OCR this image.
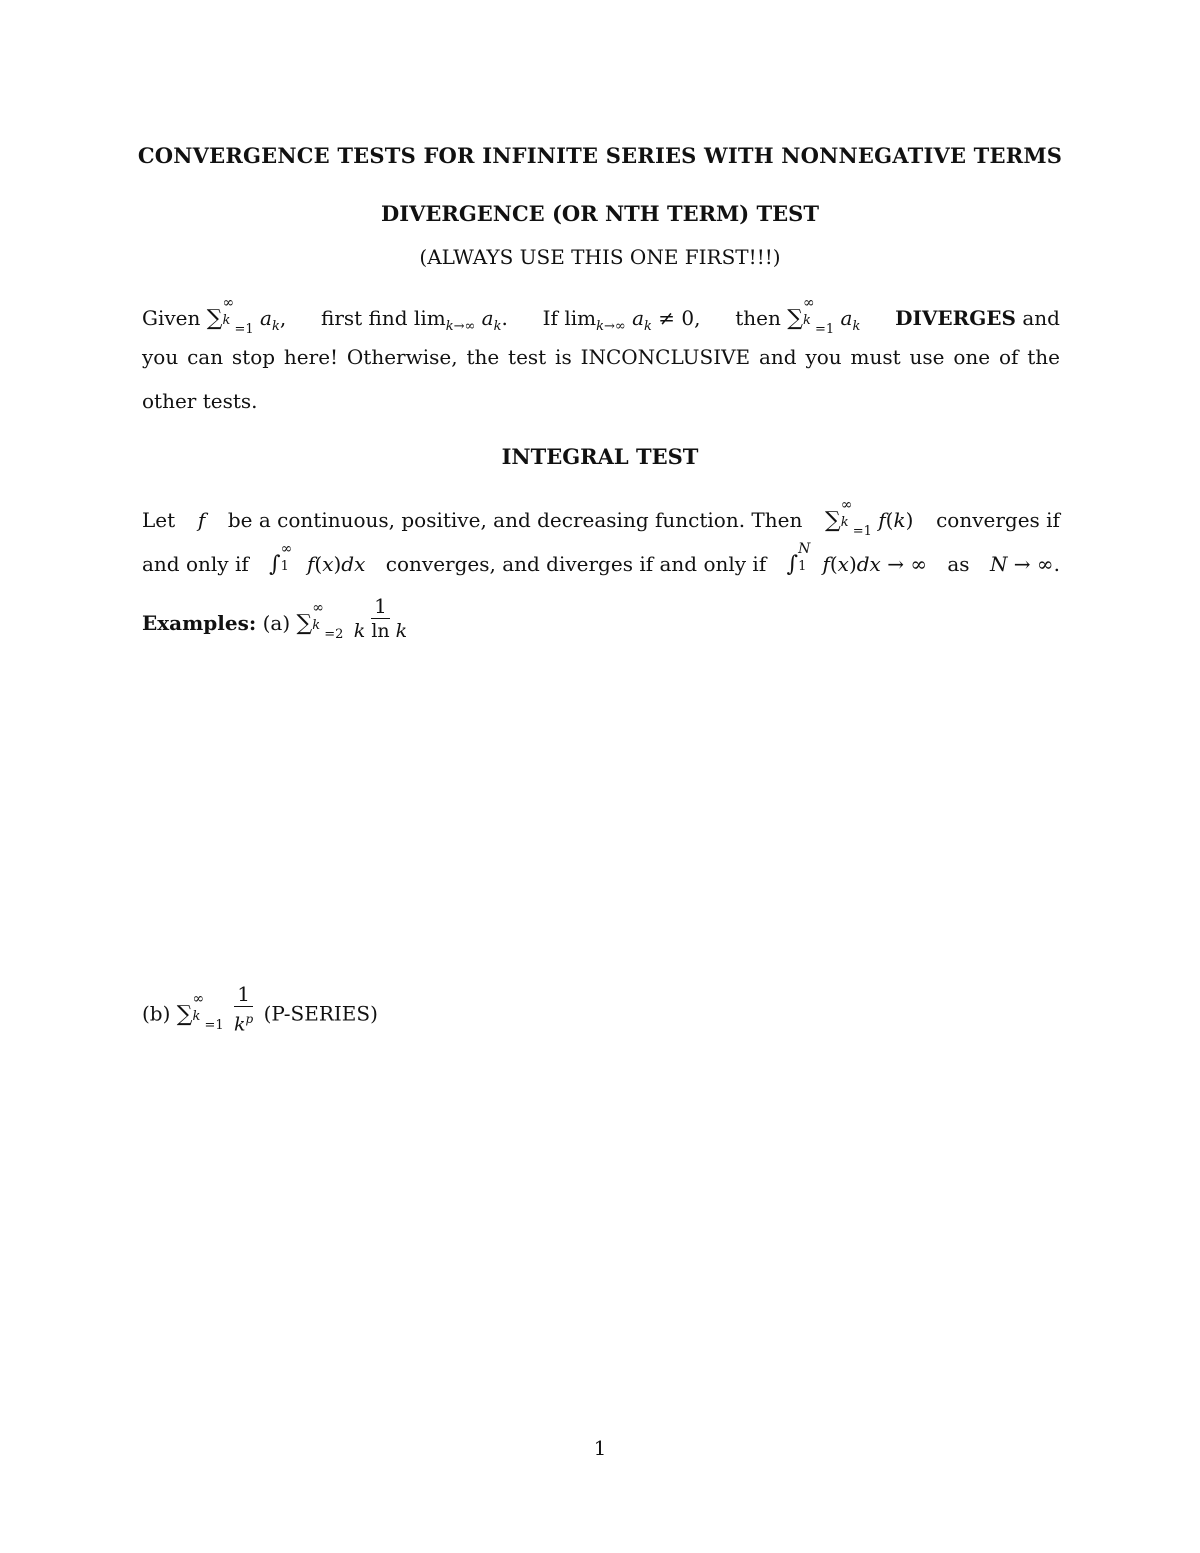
CONVERGENCE TESTS FOR INFINITE SERIES WITH NONNEGATIVE TERMS
DIVERGENCE (OR NTH TERM) TEST
(ALWAYS USE THIS ONE FIRST!!!)
Given ∑
∞
k
$_{=1}$ $a_k$, first find $\lim_{k\to\infty} a_k$. If $\lim_{k\to\infty} a_k \ne 0$, then ∑
∞
k
$_{=1}$ $a_k$ DIVERGES and
you can stop here! Otherwise, the test is INCONCLUSIVE and you must use one of the
other tests.
INTEGRAL TEST
Let f be a continuous, positive, and decreasing function. Then ∑
∞
k
$_{=1}$ f(k) converges if
and only if ∫
∞
1 f(x)dx converges, and diverges if and only if ∫
N
1 f(x)dx → ∞ as N → ∞.
Examples: (a) ∑
∞
k
$_{=2} \frac{1}{\text{k ln k}}$
(b) ∑
∞
k
$_{=1} \frac{1}{k^p}$ (P-SERIES)
1
